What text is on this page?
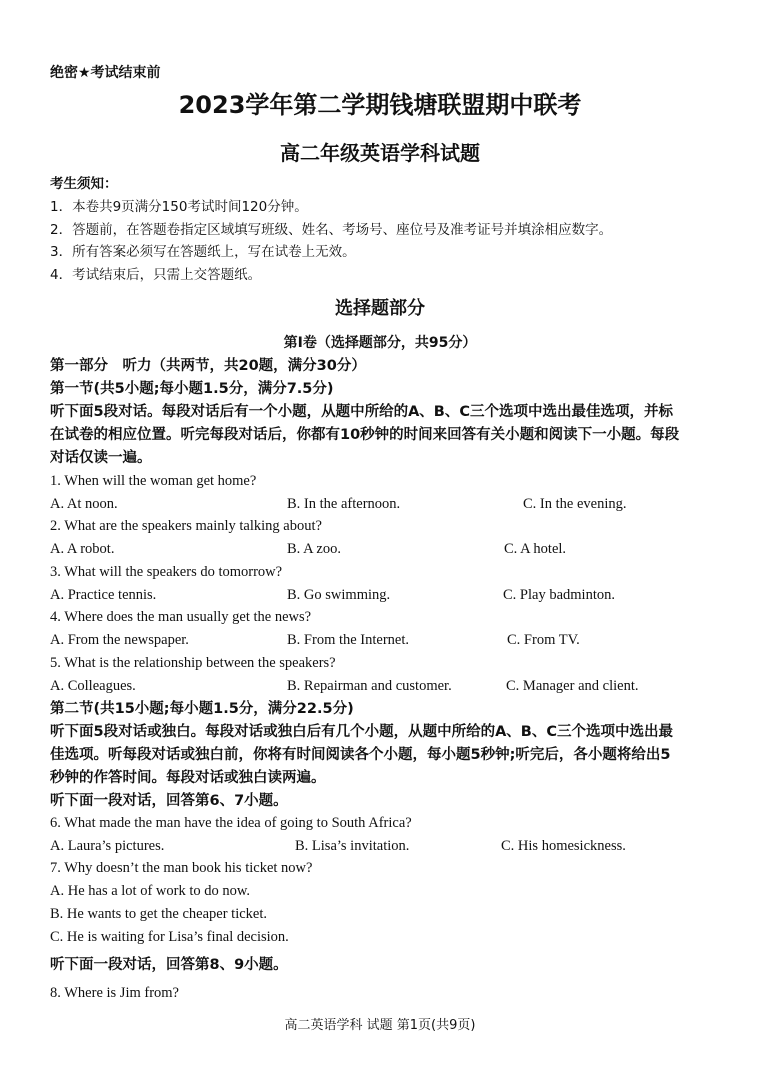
绝密★考试结束前
2023学年第二学期钱塘联盟期中联考
高二年级英语学科试题
考生须知：
1．本卷共9页满分150考试时间120分钟。
2．答题前，在答题卷指定区域填写班级、姓名、考场号、座位号及准考证号并填涂相应数字。
3．所有答案必须写在答题纸上，写在试卷上无效。
4．考试结束后，只需上交答题纸。
选择题部分
第I卷（选择题部分，共95分）
第一部分　听力（共两节，共20题，满分30分）
第一节(共5小题;每小题1.5分，满分7.5分)
听下面5段对话。每段对话后有一个小题，从题中所给的A、B、C三个选项中选出最佳选项，并标
在试卷的相应位置。听完每段对话后，你都有10秒钟的时间来回答有关小题和阅读下一小题。每段
对话仅读一遍。
1. When will the woman get home?
A. At noon.	B. In the afternoon.	C. In the evening.
2. What are the speakers mainly talking about?
A. A robot.	B. A zoo.	C. A hotel.
3. What will the speakers do tomorrow?
A. Practice tennis.	B. Go swimming.	C. Play badminton.
4. Where does the man usually get the news?
A. From the newspaper.	B. From the Internet.	C. From TV.
5. What is the relationship between the speakers?
A. Colleagues.	B. Repairman and customer.	C. Manager and client.
第二节(共15小题;每小题1.5分，满分22.5分)
听下面5段对话或独白。每段对话或独白后有几个小题，从题中所给的A、B、C三个选项中选出最
佳选项。听每段对话或独白前，你将有时间阅读各个小题，每小题5秒钟;听完后，各小题将给出5
秒钟的作答时间。每段对话或独白读两遍。
听下面一段对话，回答第6、7小题。
6. What made the man have the idea of going to South Africa?
A. Laura’s pictures.	B. Lisa’s invitation.	C. His homesickness.
7. Why doesn’t the man book his ticket now?
A. He has a lot of work to do now.
B. He wants to get the cheaper ticket.
C. He is waiting for Lisa’s final decision.
听下面一段对话，回答第8、9小题。
8. Where is Jim from?
高二英语学科 试题 第1页(共9页)
